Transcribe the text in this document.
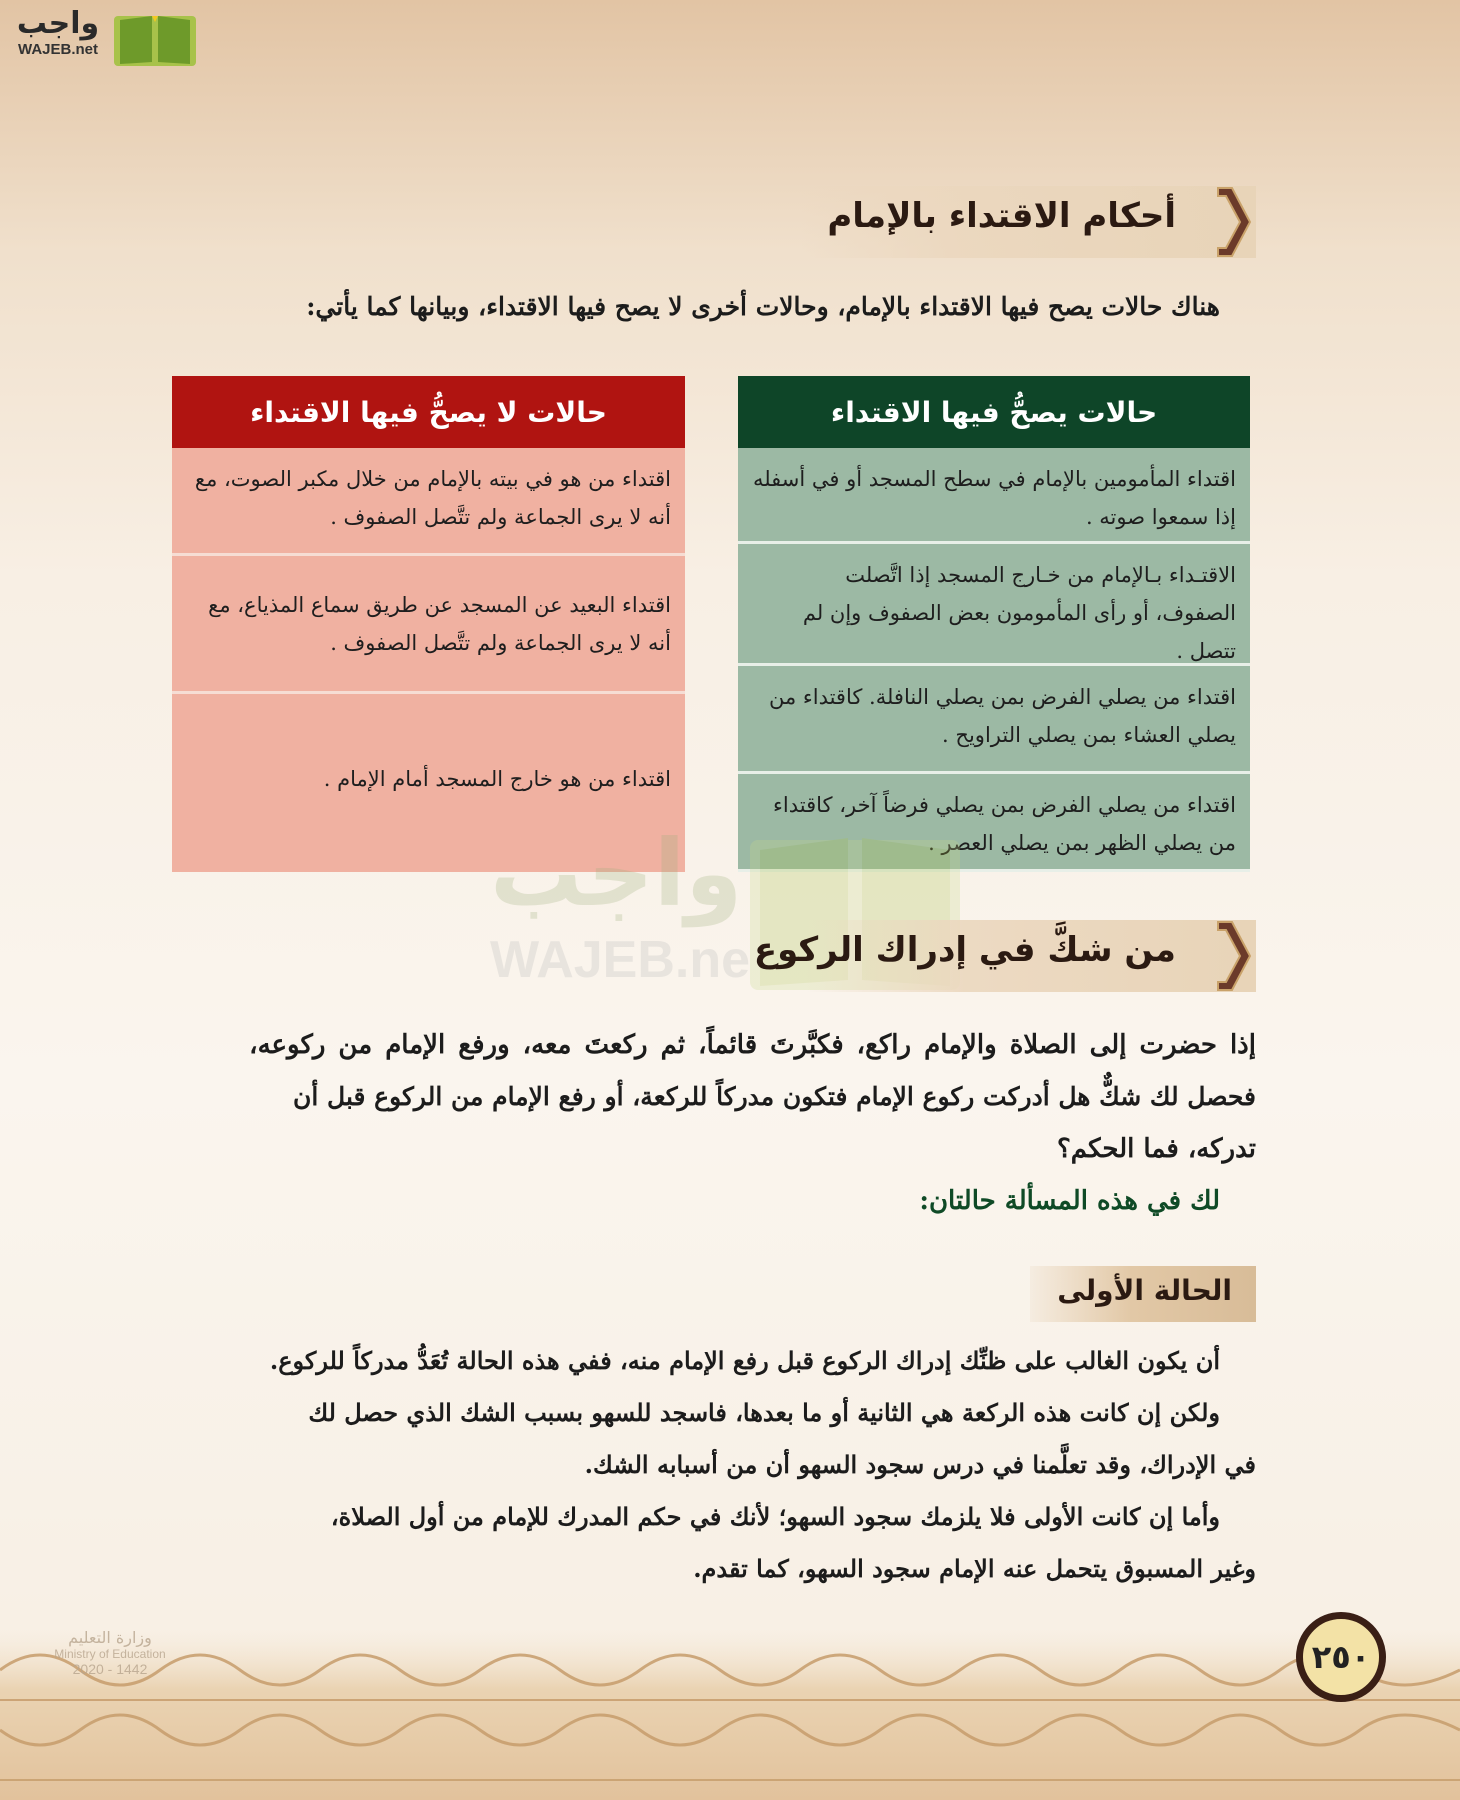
واجب
WAJEB.net
أحكام الاقتداء بالإمام
هناك حالات يصح فيها الاقتداء بالإمام، وحالات أخرى لا يصح فيها الاقتداء، وبيانها كما يأتي:
حالات يصحُّ فيها الاقتداء
حالات لا يصحُّ فيها الاقتداء
اقتداء المأمومين بالإمام في سطح المسجد أو في أسفله
إذا سمعوا صوته .
الاقتـداء بـالإمام من خـارج المسجد إذا اتَّصلت
الصفوف، أو رأى المأمومون بعض الصفوف وإن لم
تتصل .
اقتداء من يصلي الفرض بمن يصلي النافلة. كاقتداء من
يصلي العشاء بمن يصلي التراويح .
اقتداء من يصلي الفرض بمن يصلي فرضاً آخر، كاقتداء
من يصلي الظهر بمن يصلي العصر .
اقتداء من هو في بيته بالإمام من خلال مكبر الصوت، مع
أنه لا يرى الجماعة ولم تتَّصل الصفوف .
اقتداء البعيد عن المسجد عن طريق سماع المذياع، مع
أنه لا يرى الجماعة ولم تتَّصل الصفوف .
اقتداء من هو خارج المسجد أمام الإمام .
واجب
WAJEB.net
من شكَّ في إدراك الركوع
إذا حضرت إلى الصلاة والإمام راكع، فكبَّرتَ قائماً، ثم ركعتَ معه، ورفع الإمام من ركوعه،
فحصل لك شكٌّ هل أدركت ركوع الإمام فتكون مدركاً للركعة، أو رفع الإمام من الركوع قبل أن
تدركه، فما الحكم؟
لك في هذه المسألة حالتان:
الحالة الأولى
أن يكون الغالب على ظنِّك إدراك الركوع قبل رفع الإمام منه، ففي هذه الحالة تُعَدُّ مدركاً للركوع.
ولكن إن كانت هذه الركعة هي الثانية أو ما بعدها، فاسجد للسهو بسبب الشك الذي حصل لك
في الإدراك، وقد تعلَّمنا في درس سجود السهو أن من أسبابه الشك.
وأما إن كانت الأولى فلا يلزمك سجود السهو؛ لأنك في حكم المدرك للإمام من أول الصلاة،
وغير المسبوق يتحمل عنه الإمام سجود السهو، كما تقدم.
وزارة التعليم
Ministry of Education
2020 - 1442	٢٥٠
